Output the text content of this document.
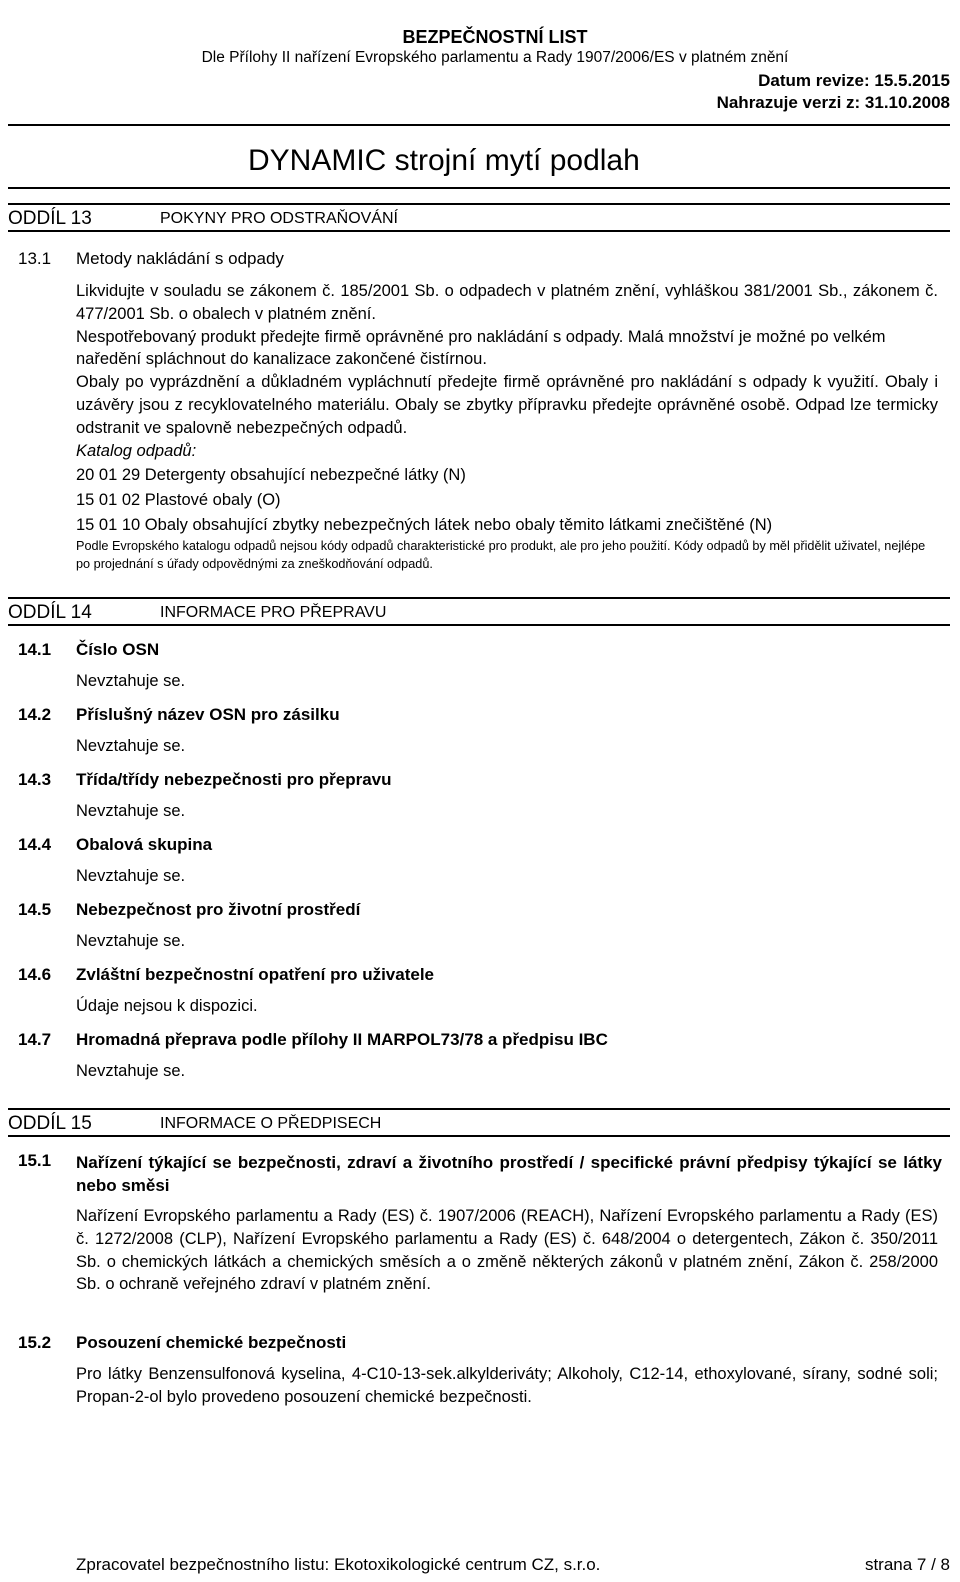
BEZPEČNOSTNÍ LIST
Dle Přílohy II nařízení Evropského parlamentu a Rady 1907/2006/ES v platném znění
Datum revize: 15.5.2015
Nahrazuje verzi z: 31.10.2008
DYNAMIC strojní mytí podlah
ODDÍL 13	POKYNY PRO ODSTRAŇOVÁNÍ
13.1 Metody nakládání s odpady

Likvidujte v souladu se zákonem č. 185/2001 Sb. o odpadech v platném znění, vyhláškou 381/2001 Sb., zákonem č. 477/2001 Sb. o obalech v platném znění.

Nespotřebovaný produkt předejte firmě oprávněné pro nakládání s odpady. Malá množství je možné po velkém naředění spláchnout do kanalizace zakončené čistírnou.

Obaly po vyprázdnění a důkladném vypláchnutí předejte firmě oprávněné pro nakládání s odpady k využití. Obaly i uzávěry jsou z recyklovatelného materiálu. Obaly se zbytky přípravku předejte oprávněné osobě. Odpad lze termicky odstranit ve spalovně nebezpečných odpadů.

Katalog odpadů:

20 01 29 Detergenty obsahující nebezpečné látky (N)

15 01 02 Plastové obaly (O)

15 01 10 Obaly obsahující zbytky nebezpečných látek nebo obaly těmito látkami znečištěné (N)

Podle Evropského katalogu odpadů nejsou kódy odpadů charakteristické pro produkt, ale pro jeho použití. Kódy odpadů by měl přidělit uživatel, nejlépe po projednání s úřady odpovědnými za zneškodňování odpadů.

ODDÍL 14	INFORMACE PRO PŘEPRAVU
14.1 Číslo OSN
Nevztahuje se.
14.2 Příslušný název OSN pro zásilku
Nevztahuje se.
14.3 Třída/třídy nebezpečnosti pro přepravu
Nevztahuje se.
14.4 Obalová skupina
Nevztahuje se.
14.5 Nebezpečnost pro životní prostředí
Nevztahuje se.
14.6 Zvláštní bezpečnostní opatření pro uživatele
Údaje nejsou k dispozici.
14.7 Hromadná přeprava podle přílohy II MARPOL73/78 a předpisu IBC
Nevztahuje se.
ODDÍL 15	INFORMACE O PŘEDPISECH
15.1 Nařízení týkající se bezpečnosti, zdraví a životního prostředí / specifické právní předpisy týkající se látky nebo směsi
Nařízení Evropského parlamentu a Rady (ES) č. 1907/2006 (REACH), Nařízení Evropského parlamentu a Rady (ES) č. 1272/2008 (CLP), Nařízení Evropského parlamentu a Rady (ES) č. 648/2004 o detergentech, Zákon č. 350/2011 Sb. o chemických látkách a chemických směsích a o změně některých zákonů v platném znění, Zákon č. 258/2000 Sb. o ochraně veřejného zdraví v platném znění.
15.2 Posouzení chemické bezpečnosti
Pro látky Benzensulfonová kyselina, 4-C10-13-sek.alkylderiváty; Alkoholy, C12-14, ethoxylované, sírany, sodné soli; Propan-2-ol bylo provedeno posouzení chemické bezpečnosti.
Zpracovatel bezpečnostního listu: Ekotoxikologické centrum CZ, s.r.o.	strana 7 / 8
